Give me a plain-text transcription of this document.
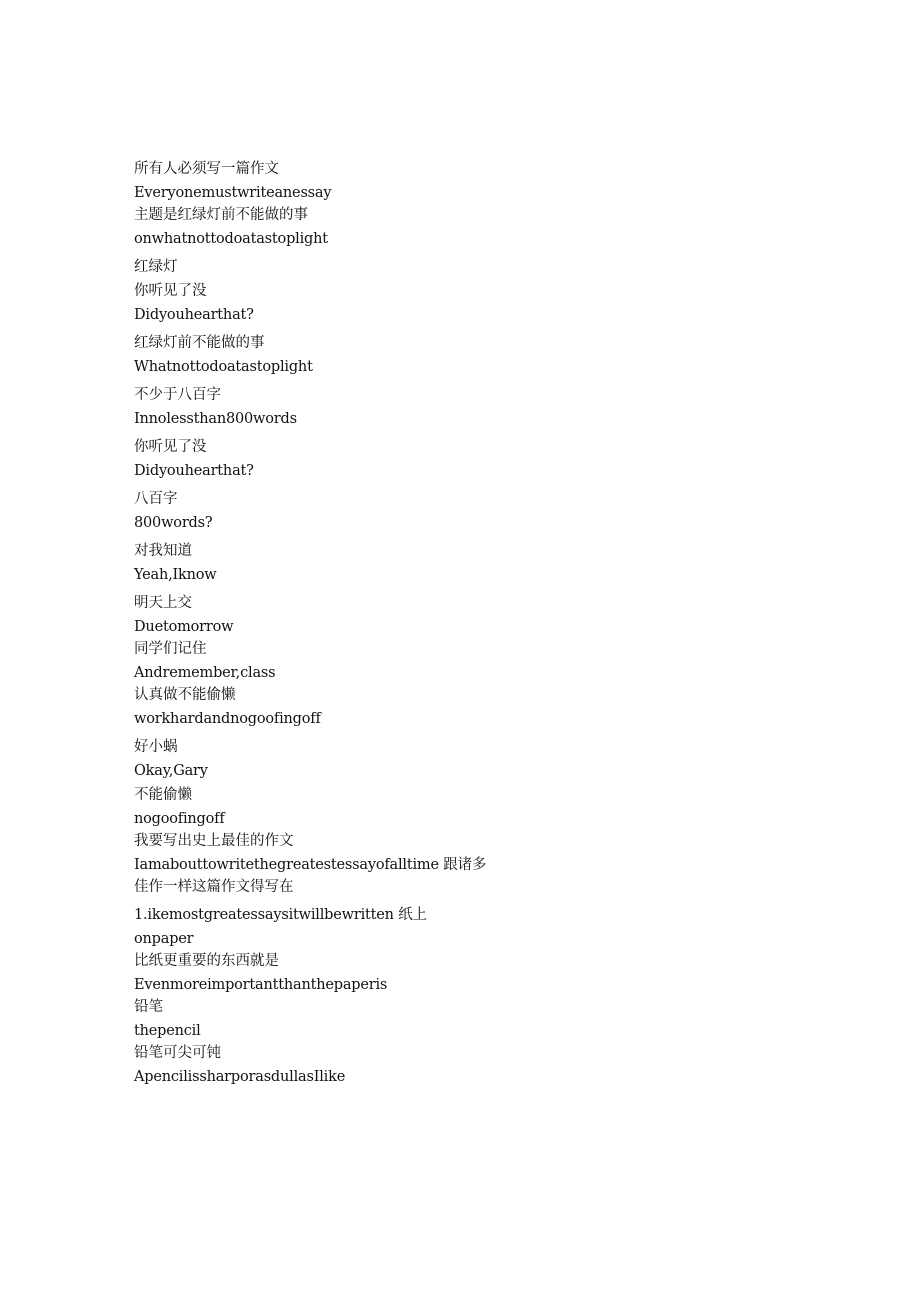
所有人必须写一篇作文

Everyonemustwriteanessay

主题是红绿灯前不能做的事

onwhatnottodoatastoplight

红绿灯

你听见了没

Didyouhearthat?

红绿灯前不能做的事

Whatnottodoatastoplight

不少于八百字

Innolessthan800words

你听见了没

Didyouhearthat?

八百字

800words?

对我知道

Yeah,Iknow

明天上交

Duetomorrow

同学们记住

Andremember,class

认真做不能偷懒

workhardandnogoofingoff

好小蜗

Okay,Gary

不能偷懒

nogoofingoff

我要写出史上最佳的作文

Iamabouttowritethegreatestessayofalltime 跟诸多

佳作一样这篇作文得写在

1.ikemostgreatessaysitwillbewritten 纸上

onpaper

比纸更重要的东西就是

Evenmoreimportantthanthepaperis

铅笔

thepencil

铅笔可尖可钝

ApencilissharporasdullasIlike
